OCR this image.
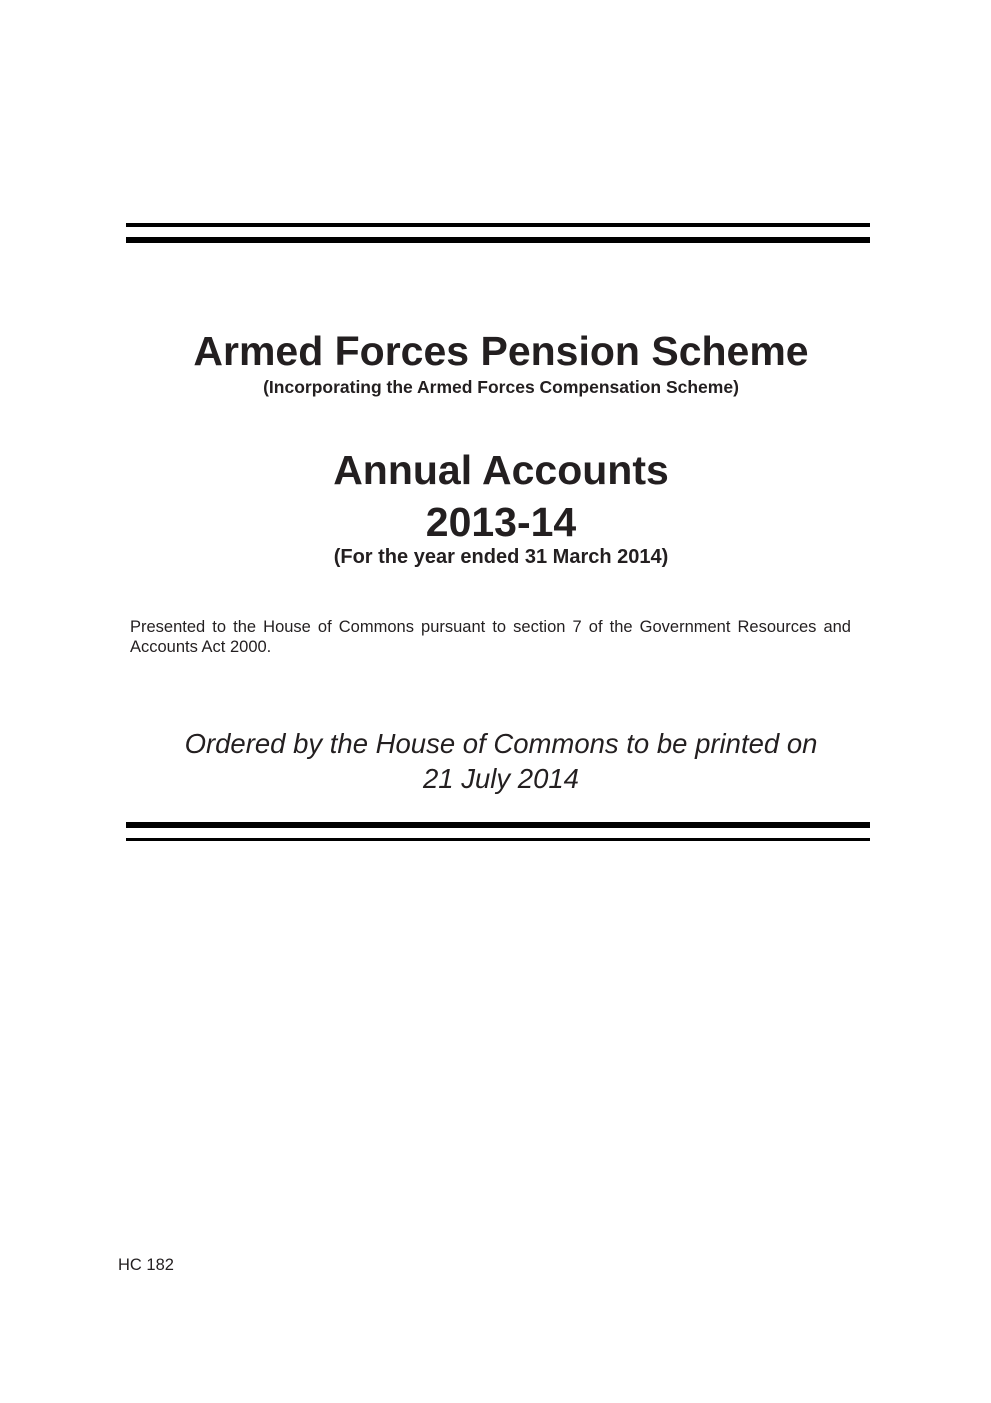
Armed Forces Pension Scheme
(Incorporating the Armed Forces Compensation Scheme)
Annual Accounts
2013-14
(For the year ended 31 March 2014)
Presented to the House of Commons pursuant to section 7 of the Government Resources and Accounts Act 2000.
Ordered by the House of Commons to be printed on
21 July 2014
HC 182
